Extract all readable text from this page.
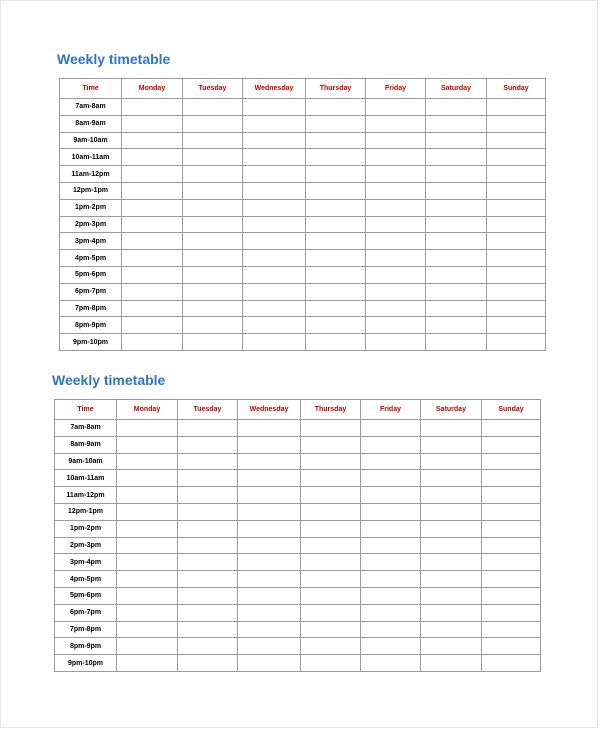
Weekly timetable
Time	Monday	Tuesday	Wednesday	Thursday	Friday	Saturday	Sunday
7am-8am							
8am-9am							
9am-10am							
10am-11am							
11am-12pm							
12pm-1pm							
1pm-2pm							
2pm-3pm							
3pm-4pm							
4pm-5pm							
5pm-6pm							
6pm-7pm							
7pm-8pm							
8pm-9pm							
9pm-10pm							
Weekly timetable
Time	Monday	Tuesday	Wednesday	Thursday	Friday	Saturday	Sunday
7am-8am							
8am-9am							
9am-10am							
10am-11am							
11am-12pm							
12pm-1pm							
1pm-2pm							
2pm-3pm							
3pm-4pm							
4pm-5pm							
5pm-6pm							
6pm-7pm							
7pm-8pm							
8pm-9pm							
9pm-10pm							
